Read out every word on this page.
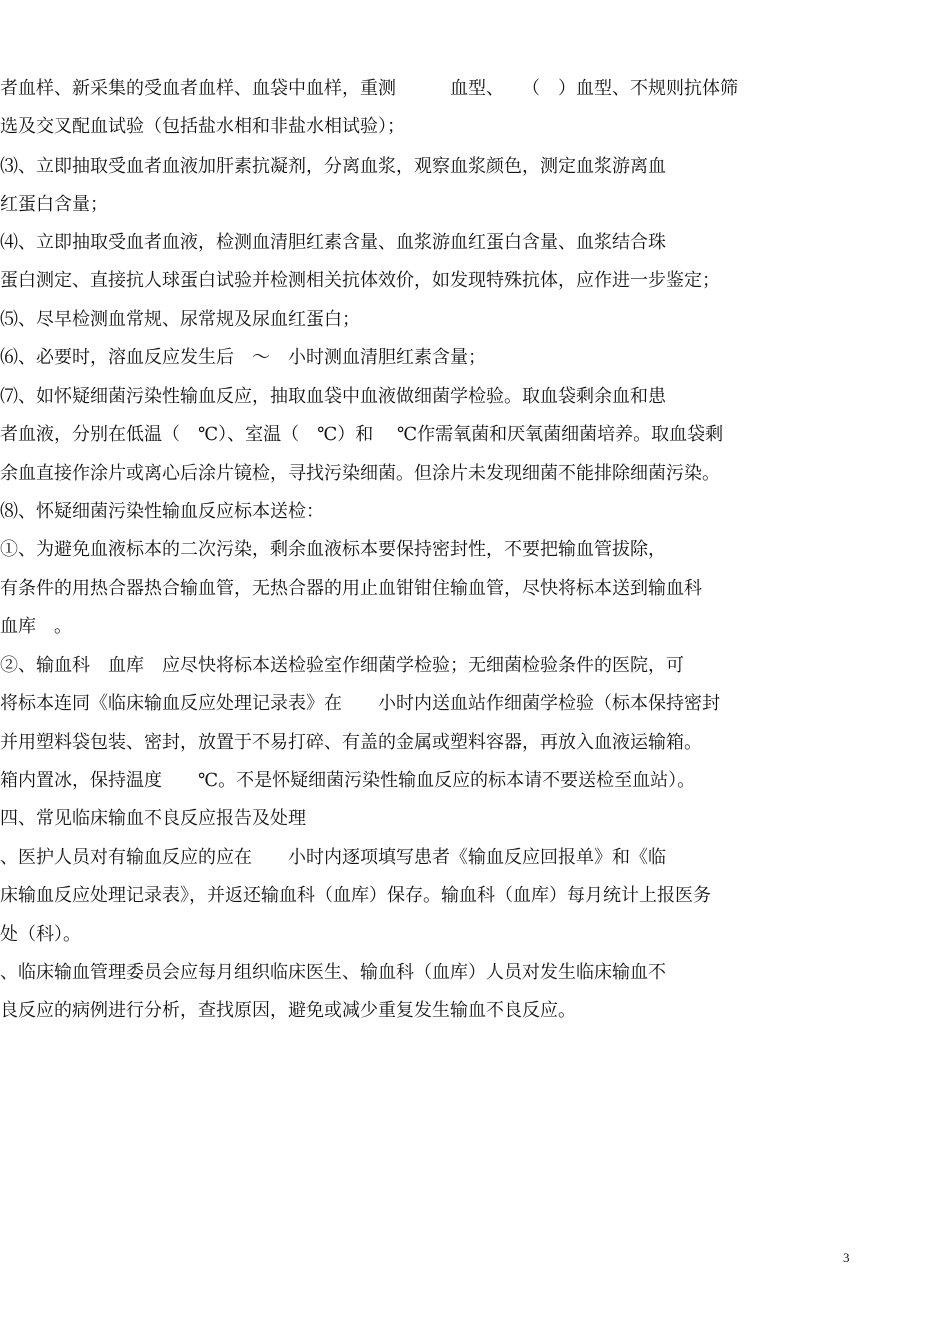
者血样、新采集的受血者血样、血袋中血样，重测　　　血型、　　（　）血型、不规则抗体筛
选及交叉配血试验（包括盐水相和非盐水相试验）；
⑶、立即抽取受血者血液加肝素抗凝剂，分离血浆，观察血浆颜色，测定血浆游离血
红蛋白含量；
⑷、立即抽取受血者血液，检测血清胆红素含量、血浆游血红蛋白含量、血浆结合珠
蛋白测定、直接抗人球蛋白试验并检测相关抗体效价，如发现特殊抗体，应作进一步鉴定；
⑸、尽早检测血常规、尿常规及尿血红蛋白；
⑹、必要时，溶血反应发生后　～　小时测血清胆红素含量；
⑺、如怀疑细菌污染性输血反应，抽取血袋中血液做细菌学检验。取血袋剩余血和患
者血液，分别在低温（　℃）、室温（　℃）和　 ℃作需氧菌和厌氧菌细菌培养。取血袋剩
余血直接作涂片或离心后涂片镜检，寻找污染细菌。但涂片未发现细菌不能排除细菌污染。
⑻、怀疑细菌污染性输血反应标本送检：
①、为避免血液标本的二次污染，剩余血液标本要保持密封性，不要把输血管拔除，
有条件的用热合器热合输血管，无热合器的用止血钳钳住输血管，尽快将标本送到输血科
血库　。
②、输血科　血库　应尽快将标本送检验室作细菌学检验；无细菌检验条件的医院，可
将标本连同《临床输血反应处理记录表》在　　小时内送血站作细菌学检验（标本保持密封
并用塑料袋包装、密封，放置于不易打碎、有盖的金属或塑料容器，再放入血液运输箱。
箱内置冰，保持温度　　℃。不是怀疑细菌污染性输血反应的标本请不要送检至血站）。
四、常见临床输血不良反应报告及处理
、医护人员对有输血反应的应在　　小时内逐项填写患者《输血反应回报单》和《临
床输血反应处理记录表》，并返还输血科（血库）保存。输血科（血库）每月统计上报医务
处（科）。
、临床输血管理委员会应每月组织临床医生、输血科（血库）人员对发生临床输血不
良反应的病例进行分析，查找原因，避免或减少重复发生输血不良反应。
3
